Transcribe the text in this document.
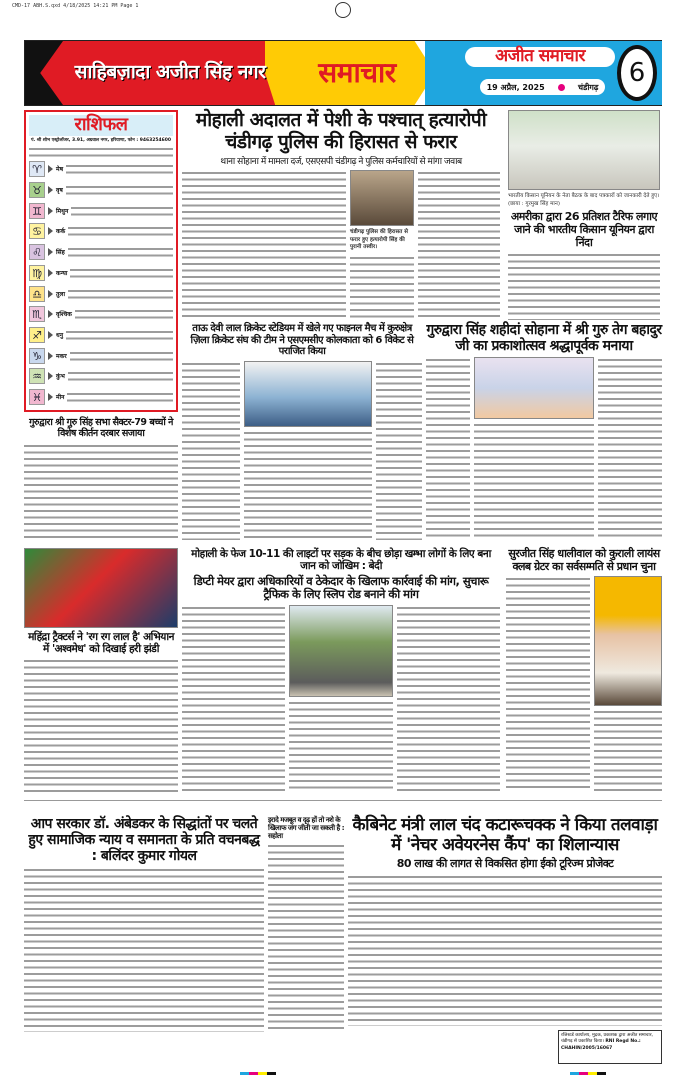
CMD-17 ABH.S.qxd 4/18/2025 14:21 PM Page 1
साहिबज़ादा अजीत सिंह नगर समाचार	अजीत समाचार
19 अप्रैल, 2025	चंडीगढ़	6
राशिफल
पं. श्री शोभ एस्ट्रोलॉजर, 3.91, अग्रवाल नगर, हरियाणा, फोन : 9463254600
♈	मेष
♉	वृष
♊	मिथुन
♋	कर्क
♌	सिंह
♍	कन्या
♎	तुला
♏	वृश्चिक
♐	धनु
♑	मकर
♒	कुंभ
♓	मीन
गुरुद्वारा श्री गुरु सिंह सभा सैक्टर-79 बच्चों ने विशेष कीर्तन दरबार सजाया
मोहाली अदालत में पेशी के पश्चात् हत्यारोपी चंडीगढ़ पुलिस की हिरासत से फरार
थाना सोहाना में मामला दर्ज, एसएसपी चंडीगढ़ ने पुलिस कर्मचारियों से मांगा जवाब
चंडीगढ़ पुलिस की हिरासत से फरार हुए हत्यारोपी सिंह की पुरानी तस्वीर।
भारतीय किसान यूनियन के नेता बैठक के बाद पत्रकारों को जानकारी देते हुए। (छाया : गुरमुख सिंह मान)
अमरीका द्वारा 26 प्रतिशत टैरिफ लगाए जाने की भारतीय किसान यूनियन द्वारा निंदा
ताऊ देवी लाल क्रिकेट स्टेडियम में खेले गए फाइनल मैच में कुरुक्षेत्र ज़िला क्रिकेट संघ की टीम ने एसएमसीए कोलकाता को 6 विकेट से पराजित किया
गुरुद्वारा सिंह शहीदां सोहाना में श्री गुरु तेग बहादुर जी का प्रकाशोत्सव श्रद्धापूर्वक मनाया
महिंद्रा ट्रैक्टर्स ने 'रग रग लाल है' अभियान में 'अश्वमेध' को दिखाई हरी झंडी
मोहाली के फेज 10-11 की लाइटों पर सड़क के बीच छोड़ा खम्भा लोगों के लिए बना जान को जोखिम : बेदी
डिप्टी मेयर द्वारा अधिकारियों व ठेकेदार के खिलाफ कार्रवाई की मांग, सुचारू ट्रैफिक के लिए स्लिप रोड बनाने की मांग
सुरजीत सिंह धालीवाल को कुराली लायंस क्लब ग्रेटर का सर्वसम्मति से प्रधान चुना
आप सरकार डॉ. अंबेडकर के सिद्धांतों पर चलते हुए सामाजिक न्याय व समानता के प्रति वचनबद्ध : बलिंदर कुमार गोयल
इरादे मजबूत व दृढ़ हों तो नशे के खिलाफ जंग जीती जा सकती है : सहोता
कैबिनेट मंत्री लाल चंद कटारूचक्क ने किया तलवाड़ा में 'नेचर अवेयरनेस कैंप' का शिलान्यास
80 लाख की लागत से विकसित होगा ईको टूरिज्म प्रोजेक्ट
रजिस्टर्ड कार्यालय, मुद्रक, प्रकाशक द्वारा अजीत समाचार, चंडीगढ़ से प्रकाशित किया। RNI Regd No.: CHAHIN/2005/16067
